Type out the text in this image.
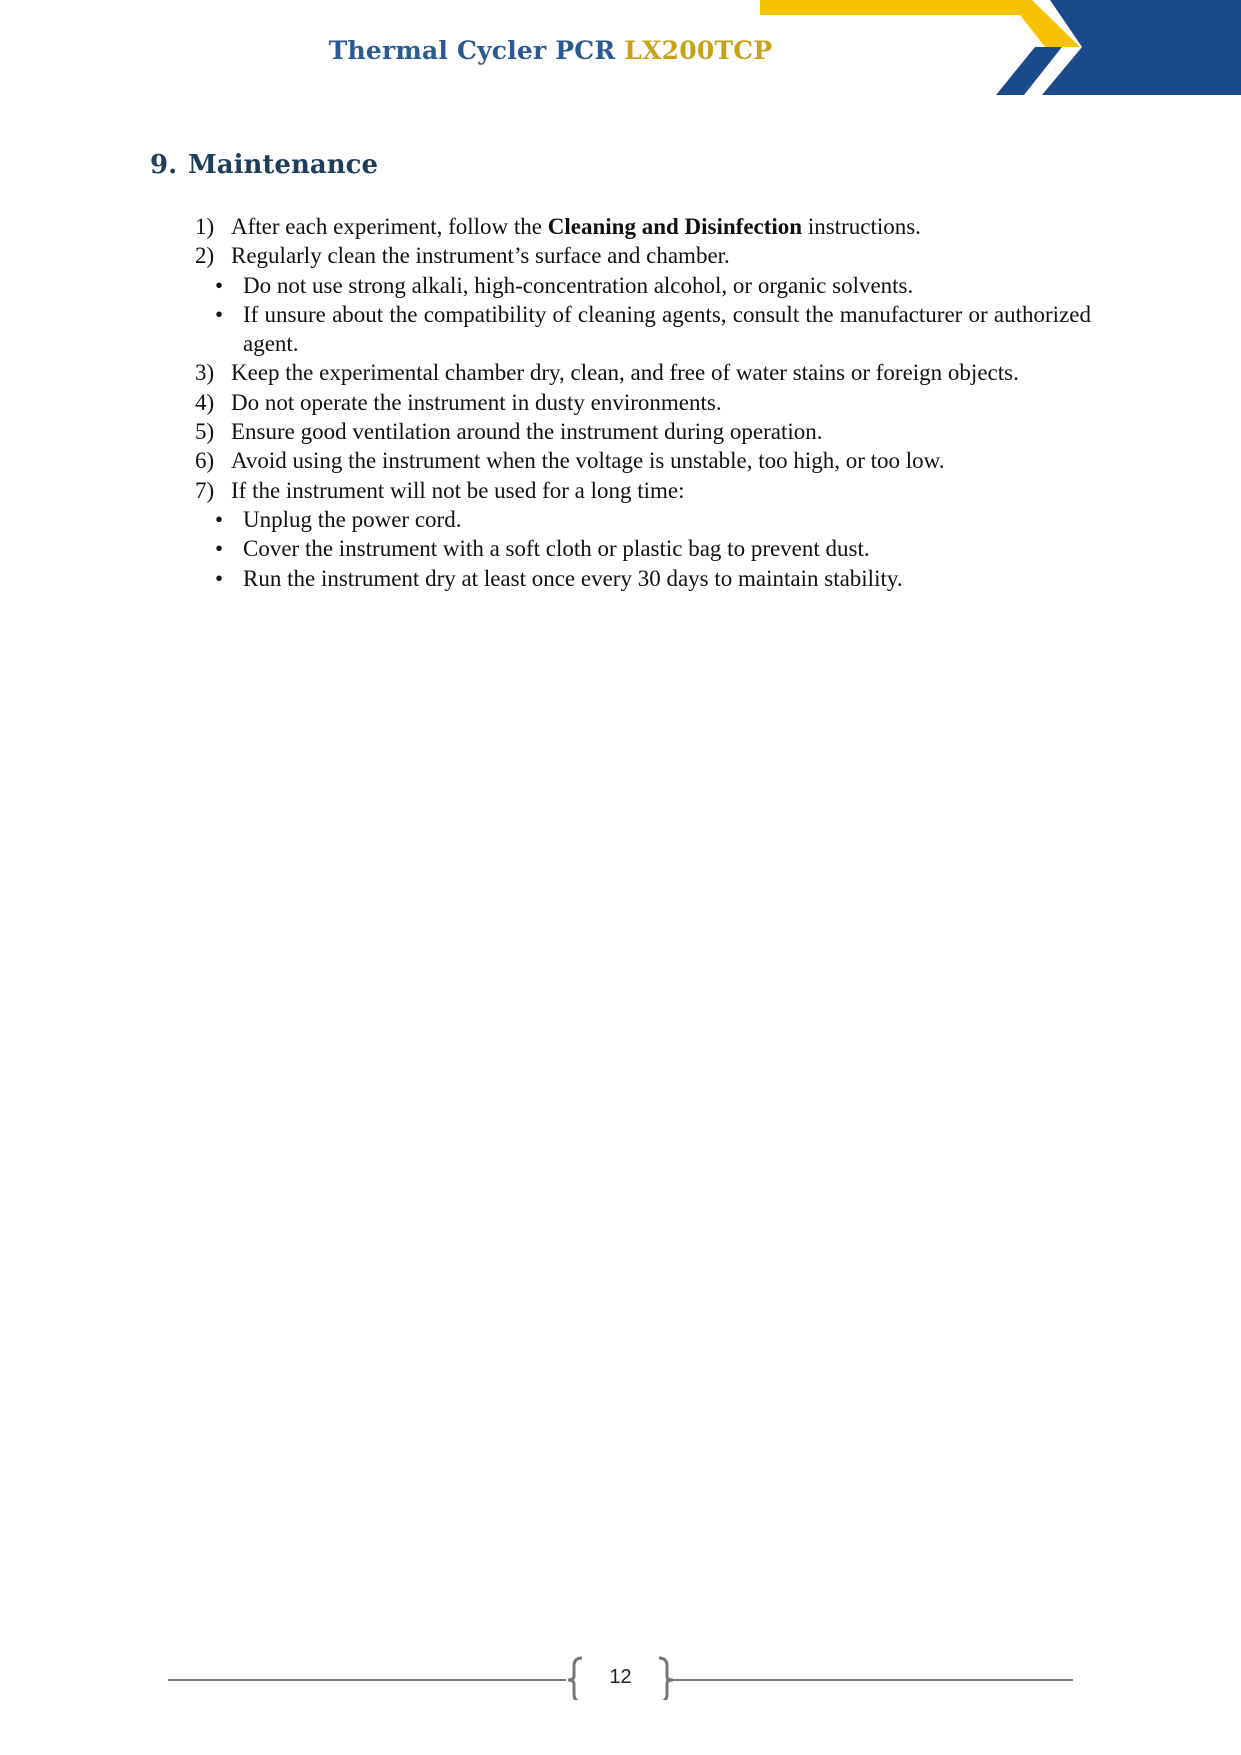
Thermal Cycler PCR LX200TCP
9. Maintenance
1) After each experiment, follow the Cleaning and Disinfection instructions.
2) Regularly clean the instrument’s surface and chamber.
• Do not use strong alkali, high-concentration alcohol, or organic solvents.
• If unsure about the compatibility of cleaning agents, consult the manufacturer or authorized agent.
3) Keep the experimental chamber dry, clean, and free of water stains or foreign objects.
4) Do not operate the instrument in dusty environments.
5) Ensure good ventilation around the instrument during operation.
6) Avoid using the instrument when the voltage is unstable, too high, or too low.
7) If the instrument will not be used for a long time:
• Unplug the power cord.
• Cover the instrument with a soft cloth or plastic bag to prevent dust.
• Run the instrument dry at least once every 30 days to maintain stability.
12
